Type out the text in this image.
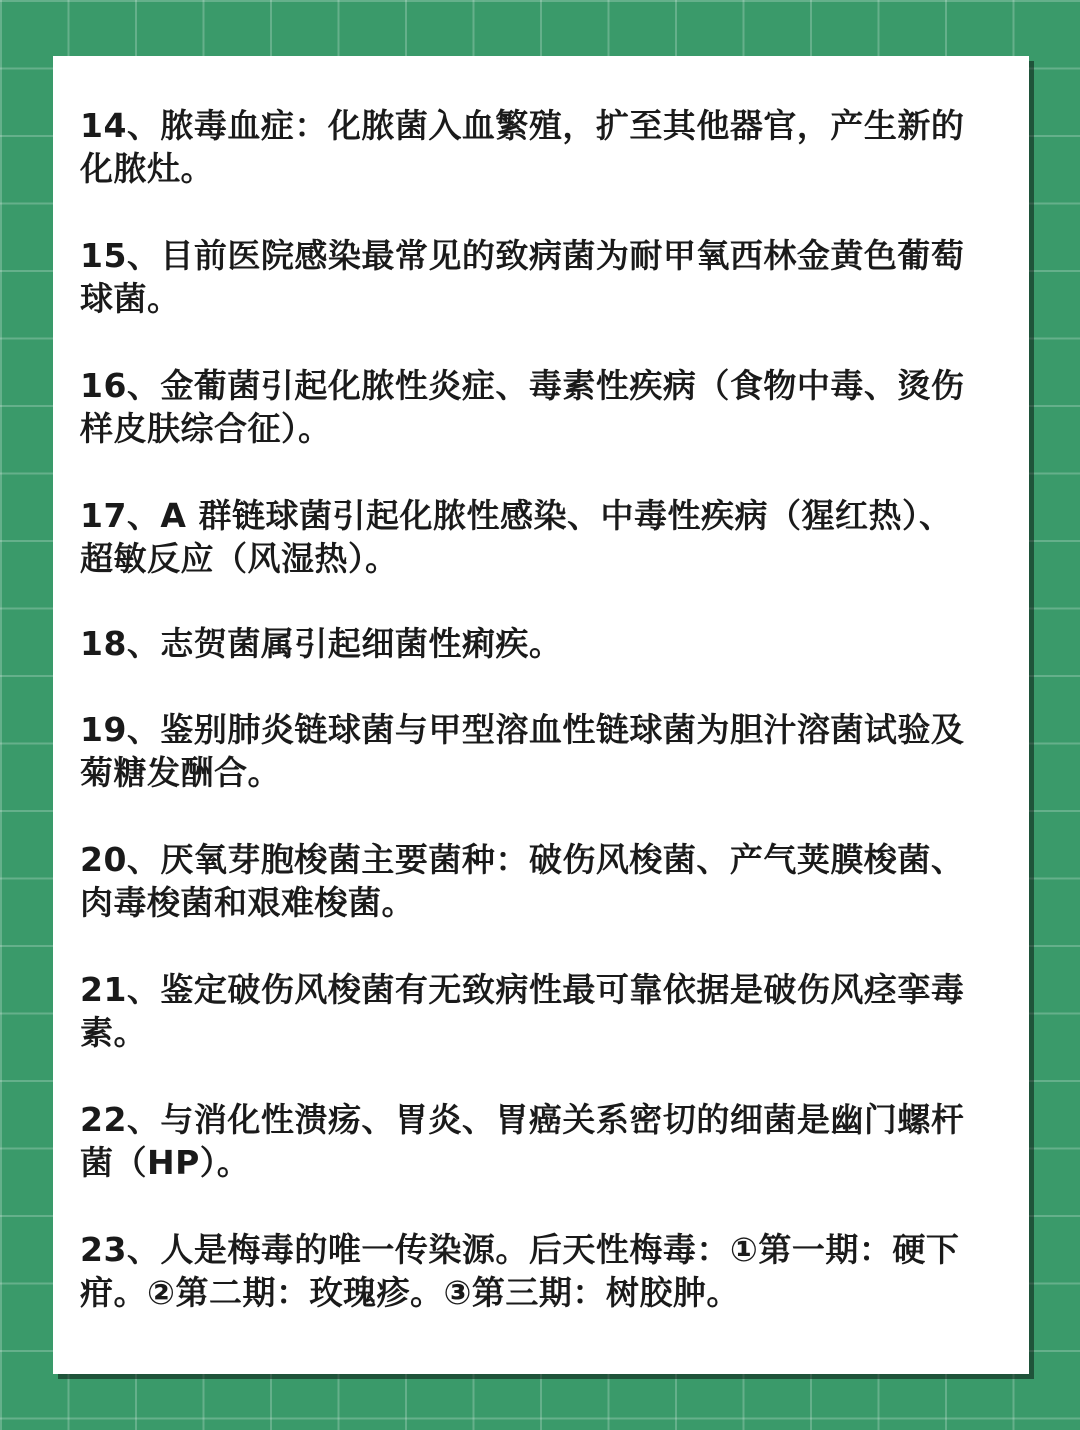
14、脓毒血症：化脓菌入血繁殖，扩至其他器官，产生新的化脓灶。

15、目前医院感染最常见的致病菌为耐甲氧西林金黄色葡萄球菌。

16、金葡菌引起化脓性炎症、毒素性疾病（食物中毒、烫伤样皮肤综合征）。

17、A 群链球菌引起化脓性感染、中毒性疾病（猩红热）、超敏反应（风湿热）。

18、志贺菌属引起细菌性痢疾。

19、鉴别肺炎链球菌与甲型溶血性链球菌为胆汁溶菌试验及菊糖发酬合。

20、厌氧芽胞梭菌主要菌种：破伤风梭菌、产气荚膜梭菌、肉毒梭菌和艰难梭菌。

21、鉴定破伤风梭菌有无致病性最可靠依据是破伤风痉挛毒素。

22、与消化性溃疡、胃炎、胃癌关系密切的细菌是幽门螺杆菌（HP）。

23、人是梅毒的唯一传染源。后天性梅毒：①第一期：硬下疳。②第二期：玫瑰疹。③第三期：树胶肿。
